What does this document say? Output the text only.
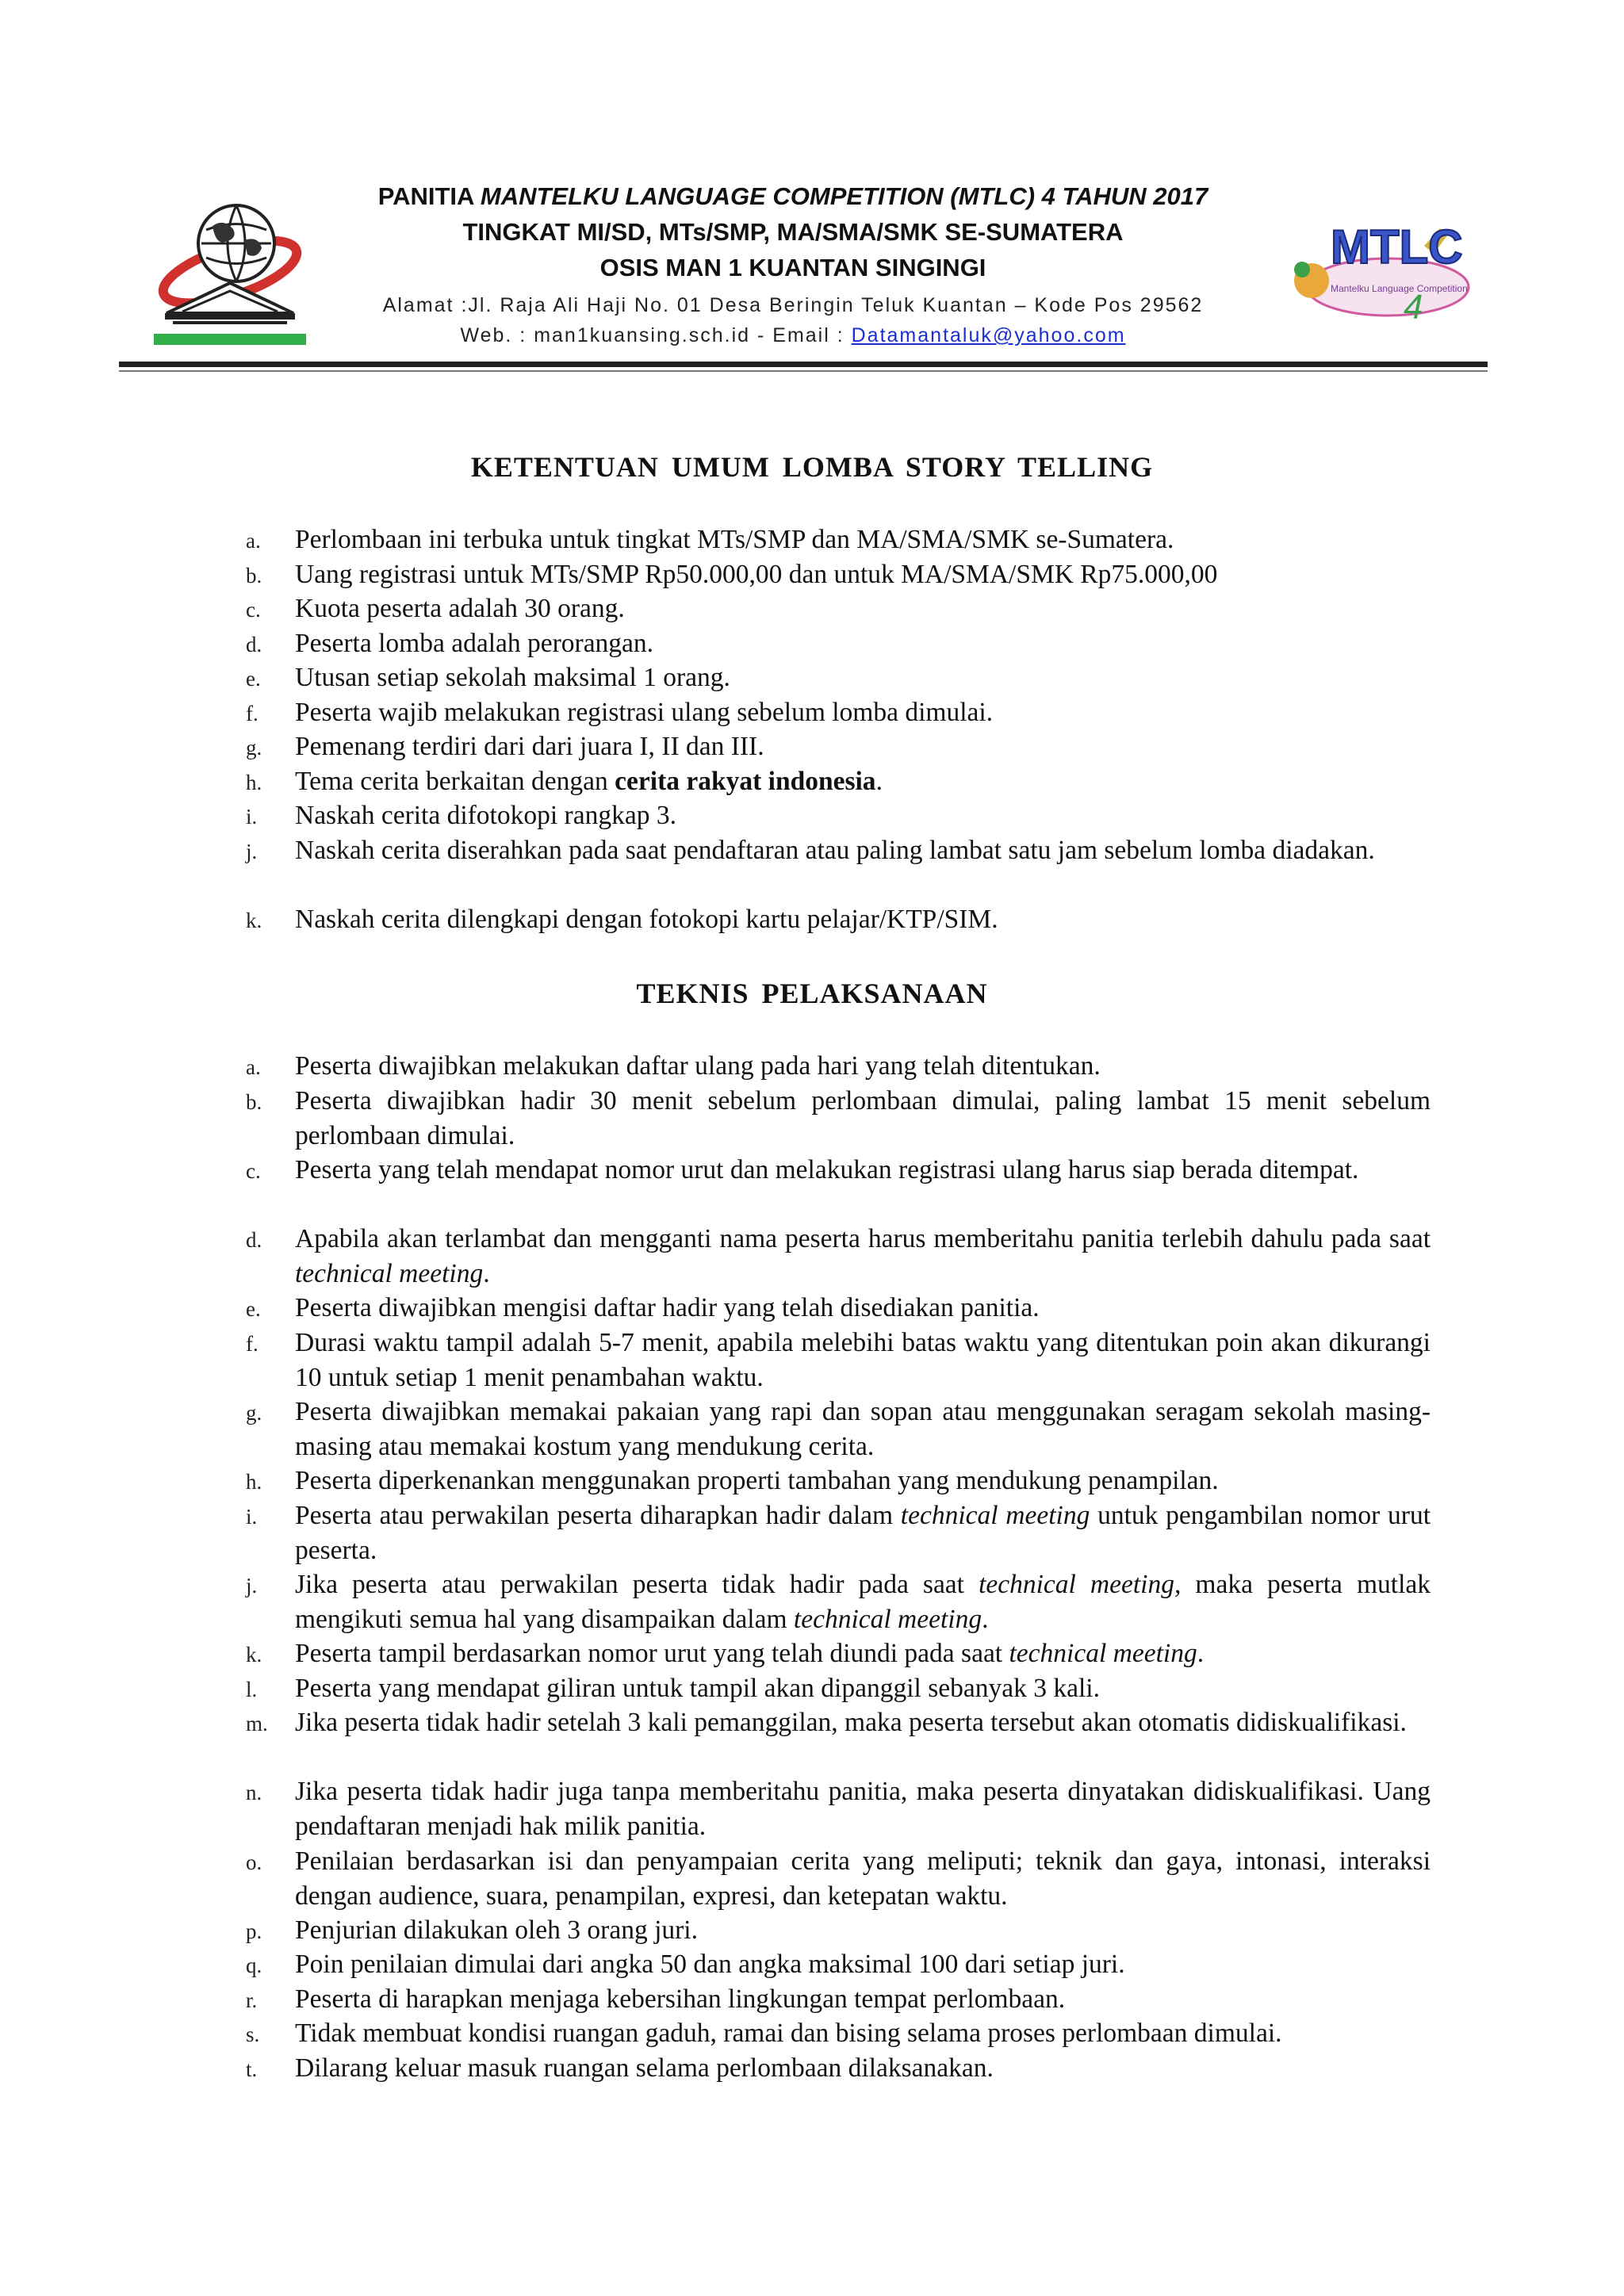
PANITIA MANTELKU LANGUAGE COMPETITION (MTLC) 4 TAHUN 2017
TINGKAT MI/SD, MTs/SMP, MA/SMA/SMK SE-SUMATERA
OSIS MAN 1 KUANTAN SINGINGI
Alamat :Jl. Raja Ali Haji No. 01 Desa Beringin Teluk Kuantan – Kode Pos 29562
Web. : man1kuansing.sch.id - Email : Datamantaluk@yahoo.com
MTLC
Mantelku Language Competition
4
KETENTUAN UMUM LOMBA STORY TELLING
a.	Perlombaan ini terbuka untuk tingkat MTs/SMP dan MA/SMA/SMK se-Sumatera.
b.	Uang registrasi untuk MTs/SMP Rp50.000,00 dan untuk MA/SMA/SMK Rp75.000,00
c.	Kuota peserta adalah 30 orang.
d.	Peserta lomba adalah perorangan.
e.	Utusan setiap sekolah maksimal 1 orang.
f.	Peserta wajib melakukan registrasi ulang sebelum lomba dimulai.
g.	Pemenang terdiri dari dari juara I, II dan III.
h.	Tema cerita berkaitan dengan cerita rakyat indonesia.
i.	Naskah cerita difotokopi rangkap 3.
j.	Naskah cerita diserahkan pada saat pendaftaran atau paling lambat satu jam sebelum lomba diadakan.
k.	Naskah cerita dilengkapi dengan fotokopi kartu pelajar/KTP/SIM.
TEKNIS PELAKSANAAN
a.	Peserta diwajibkan melakukan daftar ulang pada hari yang telah ditentukan.
b.	Peserta diwajibkan hadir 30 menit sebelum perlombaan dimulai, paling lambat 15 menit sebelum perlombaan dimulai.
c.	Peserta yang telah mendapat nomor urut dan melakukan registrasi ulang harus siap berada ditempat.
d.	Apabila akan terlambat dan mengganti nama peserta harus memberitahu panitia terlebih dahulu pada saat technical meeting.
e.	Peserta diwajibkan mengisi daftar hadir yang telah disediakan panitia.
f.	Durasi waktu tampil adalah 5-7 menit, apabila melebihi batas waktu yang ditentukan poin akan dikurangi 10 untuk setiap 1 menit penambahan waktu.
g.	Peserta diwajibkan memakai pakaian yang rapi dan sopan atau menggunakan seragam sekolah masing-masing atau memakai kostum yang mendukung cerita.
h.	Peserta diperkenankan menggunakan properti tambahan yang mendukung penampilan.
i.	Peserta atau perwakilan peserta diharapkan hadir dalam technical meeting untuk pengambilan nomor urut peserta.
j.	Jika peserta atau perwakilan peserta tidak hadir pada saat technical meeting, maka peserta mutlak mengikuti semua hal yang disampaikan dalam technical meeting.
k.	Peserta tampil berdasarkan nomor urut yang telah diundi pada saat technical meeting.
l.	Peserta yang mendapat giliran untuk tampil akan dipanggil sebanyak 3 kali.
m.	Jika peserta tidak hadir setelah 3 kali pemanggilan, maka peserta tersebut akan otomatis didiskualifikasi.
n.	Jika peserta tidak hadir juga tanpa memberitahu panitia, maka peserta dinyatakan didiskualifikasi. Uang pendaftaran menjadi hak milik panitia.
o.	Penilaian berdasarkan isi dan penyampaian cerita yang meliputi; teknik dan gaya, intonasi, interaksi dengan audience, suara, penampilan, expresi, dan ketepatan waktu.
p.	Penjurian dilakukan oleh 3 orang juri.
q.	Poin penilaian dimulai dari angka 50 dan angka maksimal 100 dari setiap juri.
r.	Peserta di harapkan menjaga kebersihan lingkungan tempat perlombaan.
s.	Tidak membuat kondisi ruangan gaduh, ramai dan bising selama proses perlombaan dimulai.
t.	Dilarang keluar masuk ruangan selama perlombaan dilaksanakan.
